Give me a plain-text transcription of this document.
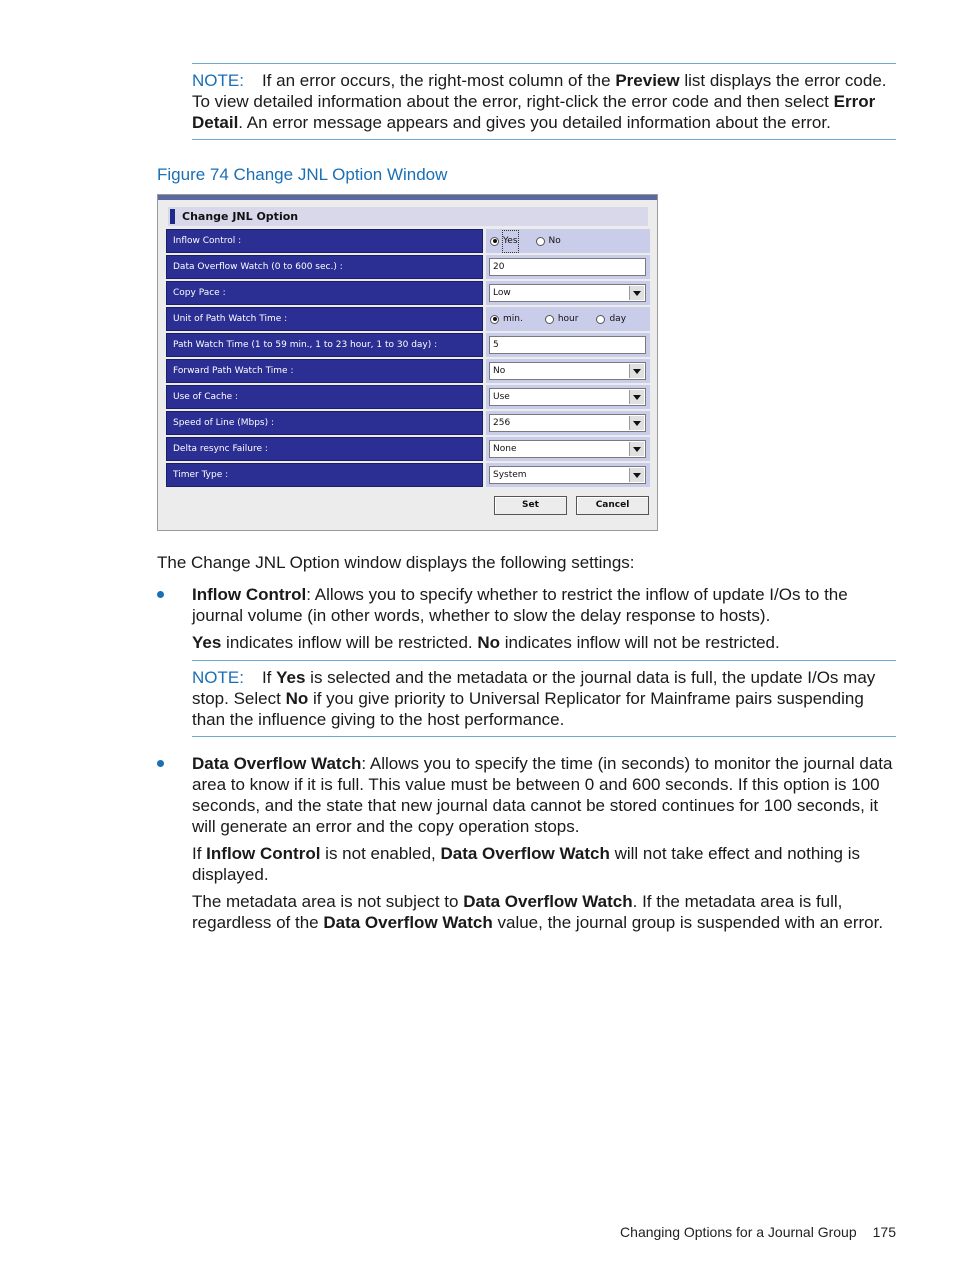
NOTE: If an error occurs, the right-most column of the Preview list displays the error code. To view detailed information about the error, right-click the error code and then select Error Detail. An error message appears and gives you detailed information about the error.

Figure 74 Change JNL Option Window
Change JNL Option
Inflow Control :	Yes	No
Data Overflow Watch (0 to 600 sec.) :	20
Copy Pace :	Low
Unit of Path Watch Time :	min.	hour	day
Path Watch Time (1 to 59 min., 1 to 23 hour, 1 to 30 day) :	5
Forward Path Watch Time :	No
Use of Cache :	Use
Speed of Line (Mbps) :	256
Delta resync Failure :	None
Timer Type :	System
Set	Cancel

The Change JNL Option window displays the following settings:

Inflow Control: Allows you to specify whether to restrict the inflow of update I/Os to the journal volume (in other words, whether to slow the delay response to hosts).

Yes indicates inflow will be restricted. No indicates inflow will not be restricted.

NOTE: If Yes is selected and the metadata or the journal data is full, the update I/Os may stop. Select No if you give priority to Universal Replicator for Mainframe pairs suspending than the influence giving to the host performance.

Data Overflow Watch: Allows you to specify the time (in seconds) to monitor the journal data area to know if it is full. This value must be between 0 and 600 seconds. If this option is 100 seconds, and the state that new journal data cannot be stored continues for 100 seconds, it will generate an error and the copy operation stops.

If Inflow Control is not enabled, Data Overflow Watch will not take effect and nothing is displayed.

The metadata area is not subject to Data Overflow Watch. If the metadata area is full, regardless of the Data Overflow Watch value, the journal group is suspended with an error.

Changing Options for a Journal Group 175
